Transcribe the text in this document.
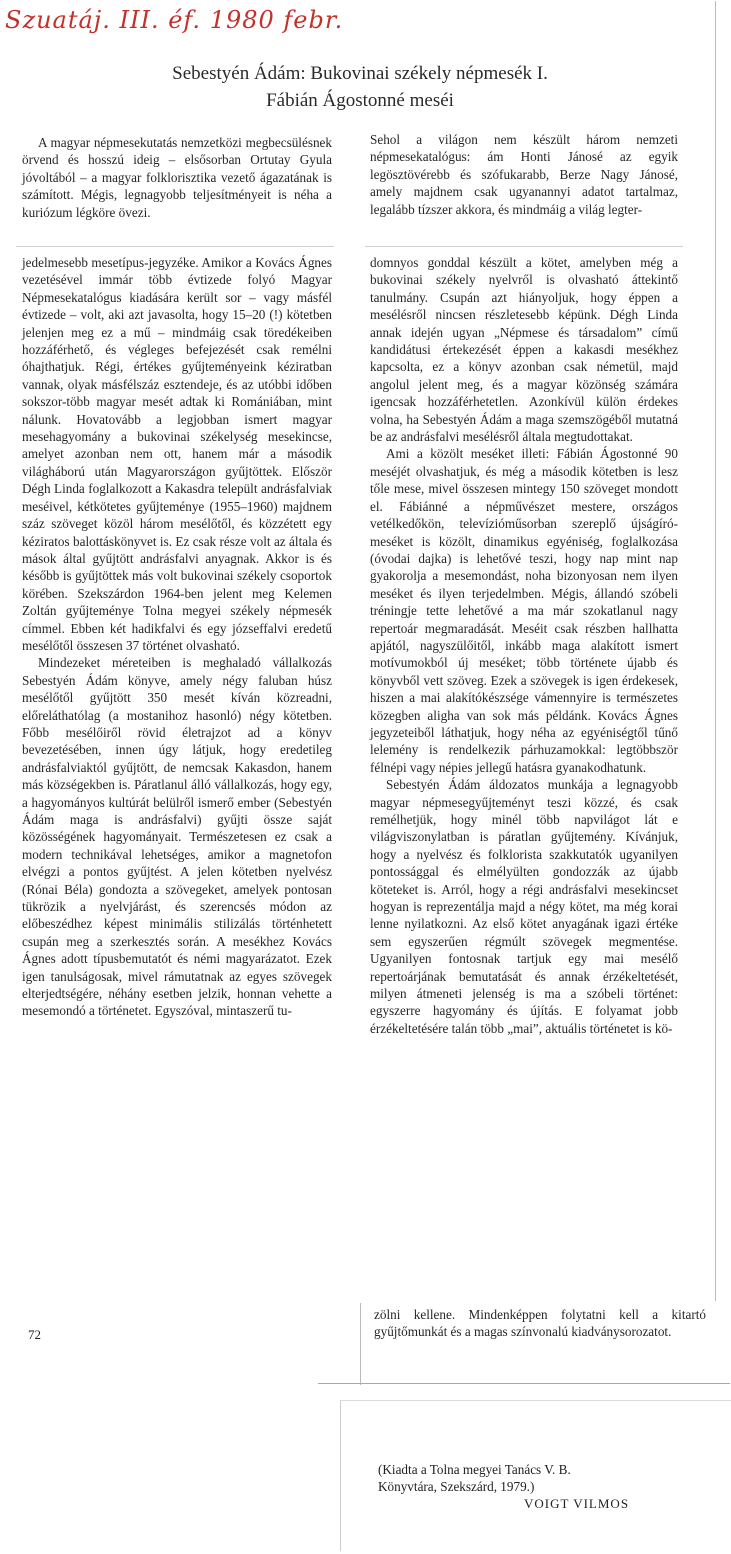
Szuatáj. III. éf. 1980 febr.
Sebestyén Ádám: Bukovinai székely népmesék I.
Fábián Ágostonné meséi

A magyar népmesekutatás nemzetközi megbecsülésnek örvend és hosszú ideig – elsősorban Ortutay Gyula jóvoltából – a magyar folklorisztika vezető ágazatának is számított. Mégis, legnagyobb teljesítményeit is néha a kuriózum légköre övezi.

jedelmesebb mesetípus-jegyzéke. Amikor a Kovács Ágnes vezetésével immár több évtizede folyó Magyar Népmesekatalógus kiadására került sor – vagy másfél évtizede – volt, aki azt javasolta, hogy 15–20 (!) kötetben jelenjen meg ez a mű – mindmáig csak töredékeiben hozzáférhető, és végleges befejezését csak remélni óhajthatjuk. Régi, értékes gyűjteményeink kéziratban vannak, olyak másfélszáz esztendeje, és az utóbbi időben sokszor-több magyar mesét adtak ki Romániában, mint nálunk. Hovatovább a legjobban ismert magyar mesehagyomány a bukovinai székelység mesekincse, amelyet azonban nem ott, hanem már a második világháború után Magyarországon gyűjtöttek. Először Dégh Linda foglalkozott a Kakasdra települt andrásfalviak meséivel, kétkötetes gyűjteménye (1955–1960) majdnem száz szöveget közöl három mesélőtől, és közzétett egy kéziratos balottáskönyvet is. Ez csak része volt az általa és mások által gyűjtött andrásfalvi anyagnak. Akkor is és később is gyűjtöttek más volt bukovinai székely csoportok körében. Szekszárdon 1964-ben jelent meg Kelemen Zoltán gyűjteménye Tolna megyei székely népmesék címmel. Ebben két hadikfalvi és egy józseffalvi eredetű mesélőtől összesen 37 történet olvasható.

Mindezeket méreteiben is meghaladó vállalkozás Sebestyén Ádám könyve, amely négy faluban húsz mesélőtől gyűjtött 350 mesét kíván közreadni, előreláthatólag (a mostanihoz hasonló) négy kötetben. Főbb mesélőiről rövid életrajzot ad a könyv bevezetésében, innen úgy látjuk, hogy eredetileg andrásfalviaktól gyűjtött, de nemcsak Kakasdon, hanem más községekben is. Páratlanul álló vállalkozás, hogy egy, a hagyományos kultúrát belülről ismerő ember (Sebestyén Ádám maga is andrásfalvi) gyűjti össze saját közösségének hagyományait. Természetesen ez csak a modern technikával lehetséges, amikor a magnetofon elvégzi a pontos gyűjtést. A jelen kötetben nyelvész (Rónai Béla) gondozta a szövegeket, amelyek pontosan tükrözik a nyelvjárást, és szerencsés módon az előbeszédhez képest minimális stilizálás történhetett csupán meg a szerkesztés során. A mesékhez Kovács Ágnes adott típusbemutatót és némi magyarázatot. Ezek igen tanulságosak, mivel rámutatnak az egyes szövegek elterjedtségére, néhány esetben jelzik, honnan vehette a mesemondó a történetet. Egyszóval, mintaszerű tu-

Sehol a világon nem készült három nemzeti népmesekatalógus: ám Honti Jánosé az egyik legösztövérebb és szófukarabb, Berze Nagy Jánosé, amely majdnem csak ugyanannyi adatot tartalmaz, legalább tízszer akkora, és mindmáig a világ legter-

domnyos gonddal készült a kötet, amelyben még a bukovinai székely nyelvről is olvasható áttekintő tanulmány. Csupán azt hiányoljuk, hogy éppen a mesélésről nincsen részletesebb képünk. Dégh Linda annak idején ugyan „Népmese és társadalom” című kandidátusi értekezését éppen a kakasdi mesékhez kapcsolta, ez a könyv azonban csak németül, majd angolul jelent meg, és a magyar közönség számára igencsak hozzáférhetetlen. Azonkívül külön érdekes volna, ha Sebestyén Ádám a maga szemszögéből mutatná be az andrásfalvi mesélésről általa megtudottakat.

Ami a közölt meséket illeti: Fábián Ágostonné 90 meséjét olvashatjuk, és még a második kötetben is lesz tőle mese, mivel összesen mintegy 150 szöveget mondott el. Fábiánné a népművészet mestere, országos vetélkedőkön, televízióműsorban szereplő újságíró-meséket is közölt, dinamikus egyéniség, foglalkozása (óvodai dajka) is lehetővé teszi, hogy nap mint nap gyakorolja a mesemondást, noha bizonyosan nem ilyen meséket és ilyen terjedelmben. Mégis, állandó szóbeli tréningje tette lehetővé a ma már szokatlanul nagy repertoár megmaradását. Meséit csak részben hallhatta apjától, nagyszülőitől, inkább maga alakított ismert motívumokból új meséket; több története újabb és könyvből vett szöveg. Ezek a szövegek is igen érdekesek, hiszen a mai alakítókészsége vámennyire is természetes közegben aligha van sok más példánk. Kovács Ágnes jegyzeteiből láthatjuk, hogy néha az egyéniségtől tűnő lelemény is rendelkezik párhuzamokkal: legtöbbször félnépi vagy népies jellegű hatásra gyanakodhatunk.

Sebestyén Ádám áldozatos munkája a legnagyobb magyar népmesegyűjteményt teszi közzé, és csak remélhetjük, hogy minél több napvilágot lát e világviszonylatban is páratlan gyűjtemény. Kívánjuk, hogy a nyelvész és folklorista szakkutatók ugyanilyen pontossággal és elmélyülten gondozzák az újabb köteteket is. Arról, hogy a régi andrásfalvi mesekincset hogyan is reprezentálja majd a négy kötet, ma még korai lenne nyilatkozni. Az első kötet anyagának igazi értéke sem egyszerűen régmúlt szövegek megmentése. Ugyanilyen fontosnak tartjuk egy mai mesélő repertoárjának bemutatását és annak érzékeltetését, milyen átmeneti jelenség is ma a szóbeli történet: egyszerre hagyomány és újítás. E folyamat jobb érzékeltetésére talán több „mai”, aktuális történetet is kö-

72

zölni kellene. Mindenképpen folytatni kell a kitartó gyűjtőmunkát és a magas színvonalú kiadványsorozatot.

(Kiadta a Tolna megyei Tanács V. B.
Könyvtára, Szekszárd, 1979.)
VOIGT VILMOS
